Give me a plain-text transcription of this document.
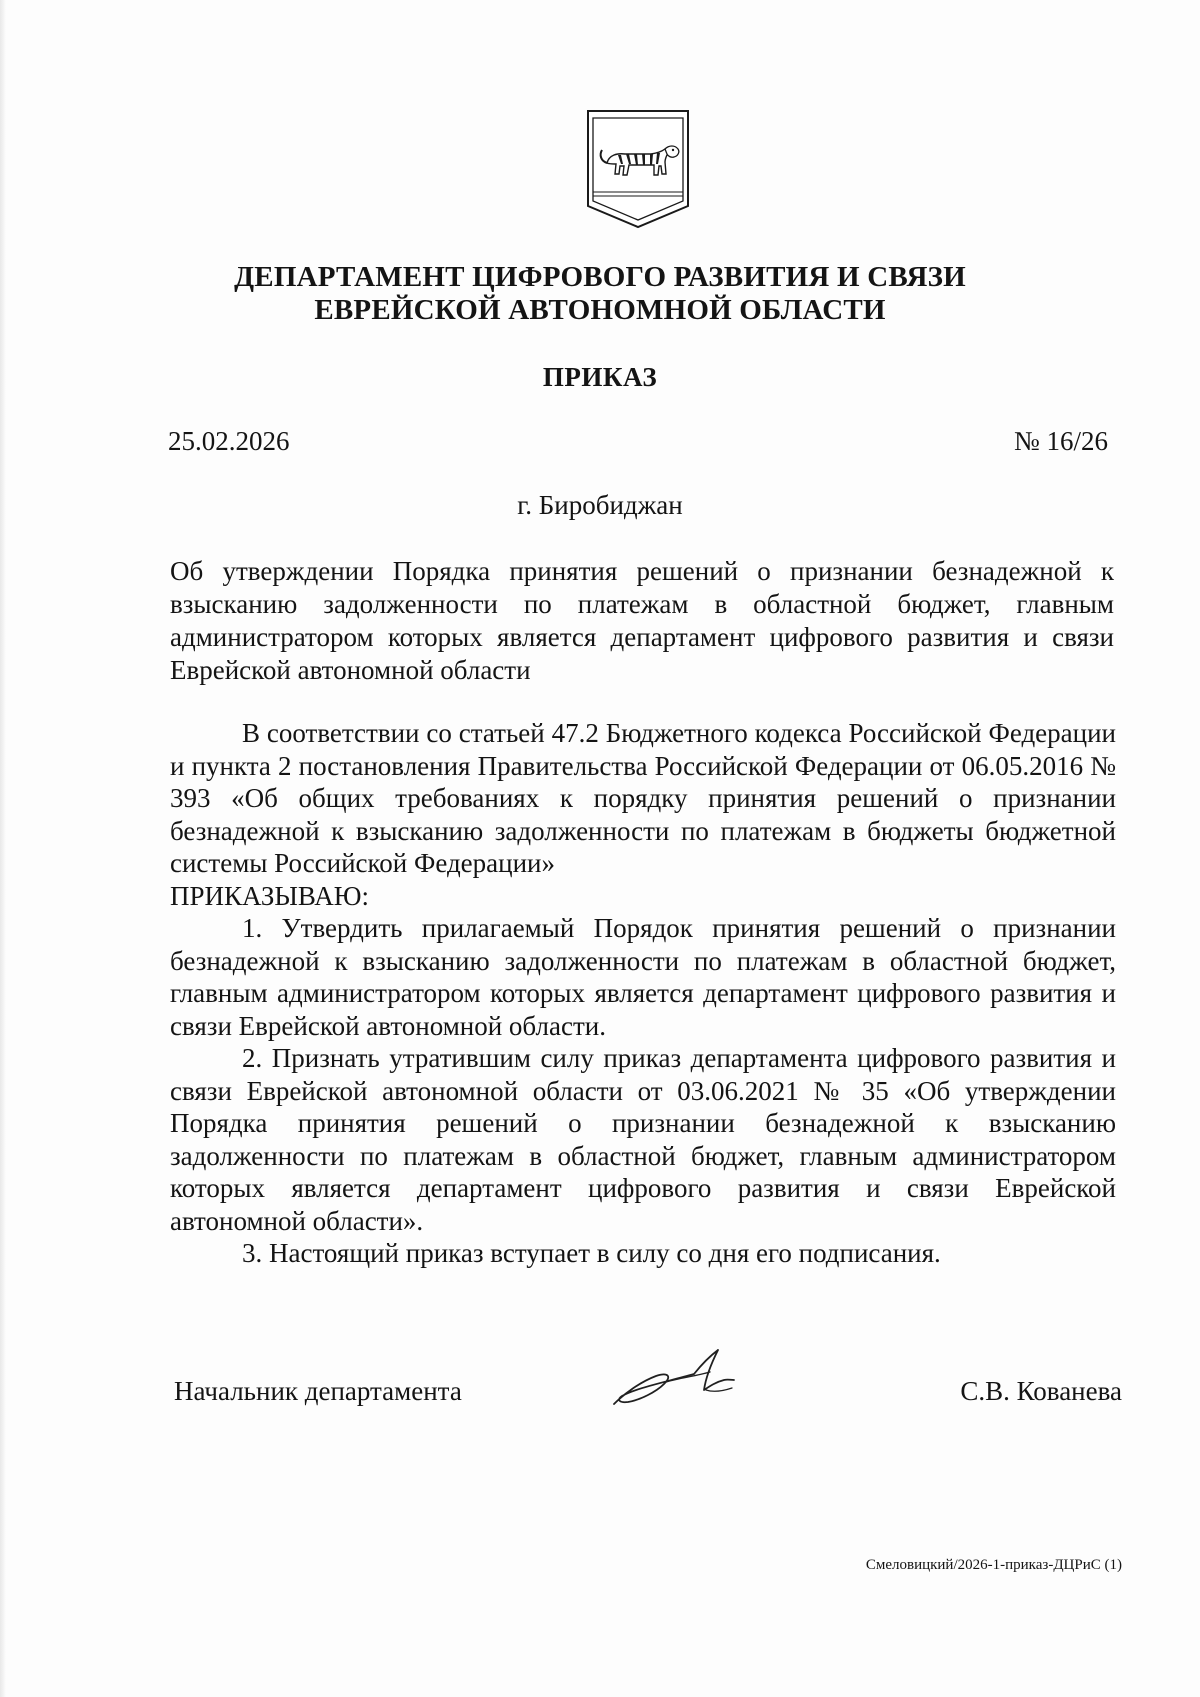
ДЕПАРТАМЕНТ ЦИФРОВОГО РАЗВИТИЯ И СВЯЗИ
ЕВРЕЙСКОЙ АВТОНОМНОЙ ОБЛАСТИ
ПРИКАЗ
25.02.2026	№ 16/26
г. Биробиджан
Об утверждении Порядка принятия решений о признании безнадежной к взысканию задолженности по платежам в областной бюджет, главным администратором которых является департамент цифрового развития и связи Еврейской автономной области

В соответствии со статьей 47.2 Бюджетного кодекса Российской Федерации и пункта 2 постановления Правительства Российской Федерации от 06.05.2016 № 393 «Об общих требованиях к порядку принятия решений о признании безнадежной к взысканию задолженности по платежам в бюджеты бюджетной системы Российской Федерации»

ПРИКАЗЫВАЮ:

1. Утвердить прилагаемый Порядок принятия решений о признании безнадежной к взысканию задолженности по платежам в областной бюджет, главным администратором которых является департамент цифрового развития и связи Еврейской автономной области.

2. Признать утратившим силу приказ департамента цифрового развития и связи Еврейской автономной области от 03.06.2021 № 35 «Об утверждении Порядка принятия решений о признании безнадежной к взысканию задолженности по платежам в областной бюджет, главным администратором которых является департамент цифрового развития и связи Еврейской автономной области».

3. Настоящий приказ вступает в силу со дня его подписания.

Начальник департамента	С.В. Кованева
Смеловицкий/2026-1-приказ-ДЦРиС (1)
